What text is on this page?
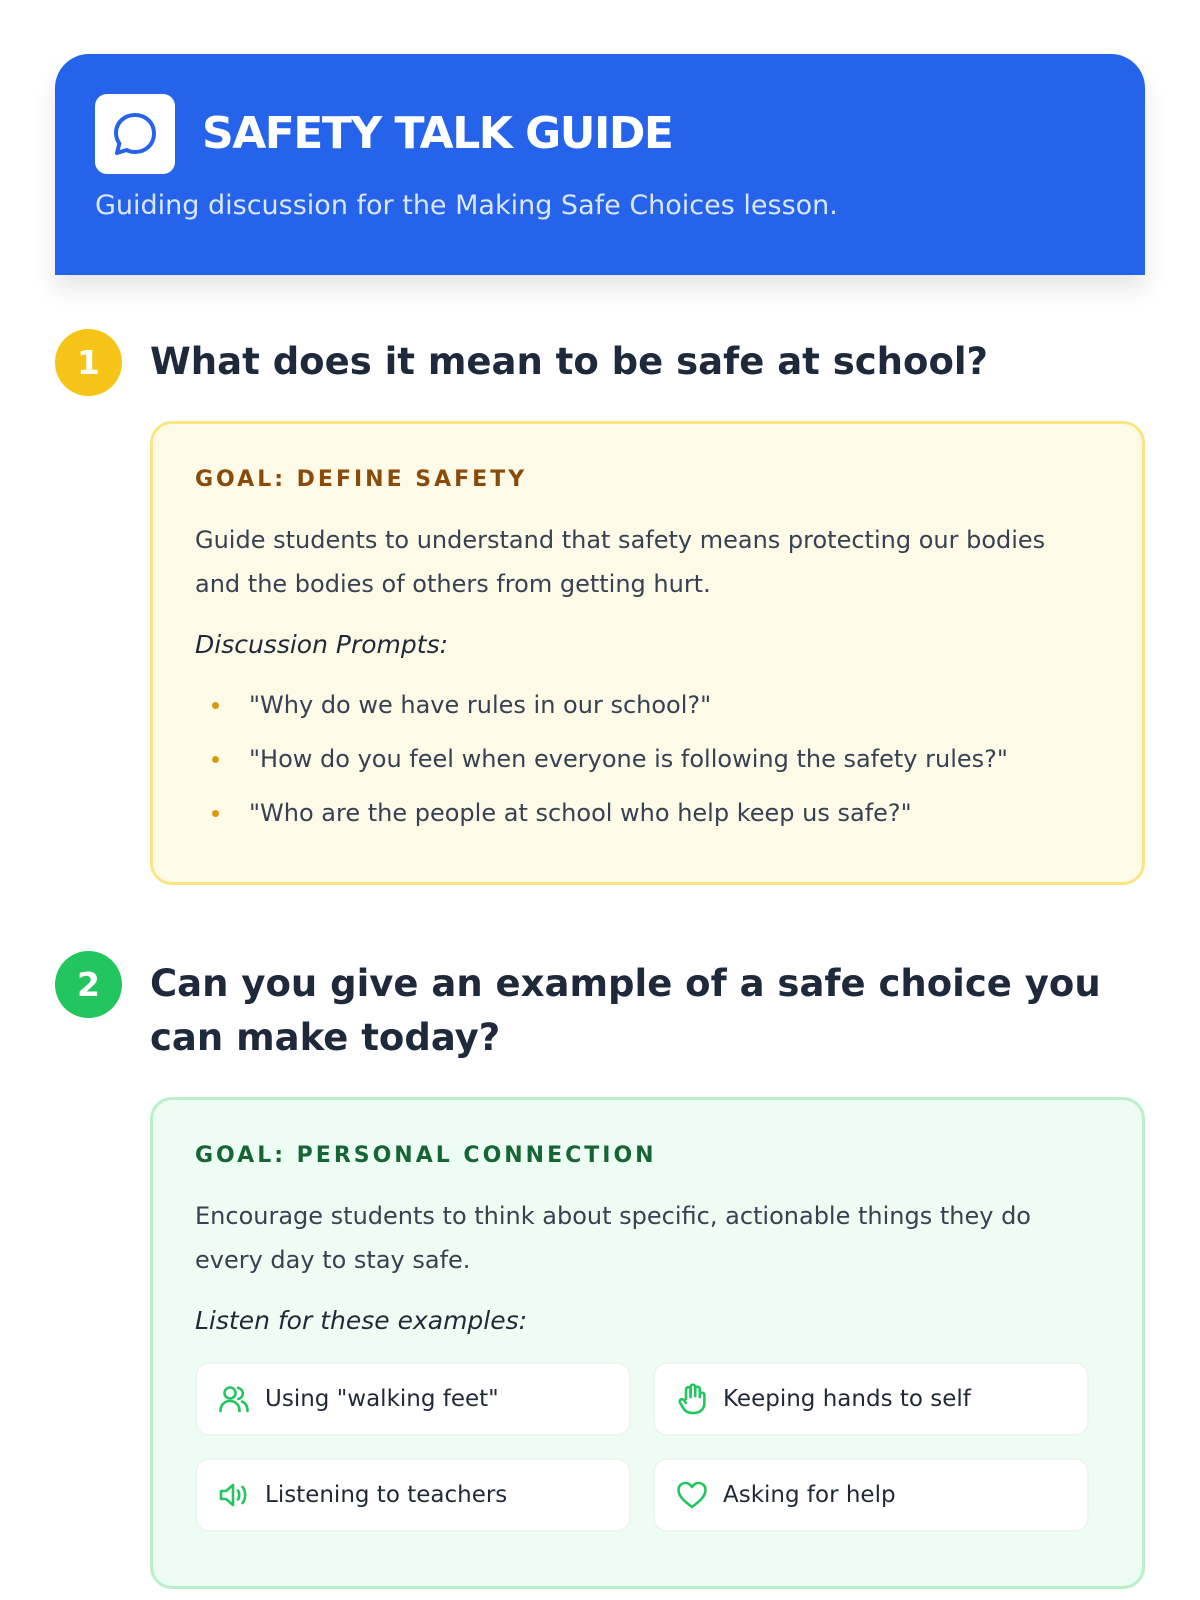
SAFETY TALK GUIDE
Guiding discussion for the Making Safe Choices lesson.
1	What does it mean to be safe at school?
GOAL: DEFINE SAFETY
Guide students to understand that safety means protecting our bodies and the bodies of others from getting hurt.
Discussion Prompts:
"Why do we have rules in our school?"
"How do you feel when everyone is following the safety rules?"
"Who are the people at school who help keep us safe?"
2	Can you give an example of a safe choice you can make today?
GOAL: PERSONAL CONNECTION
Encourage students to think about specific, actionable things they do every day to stay safe.
Listen for these examples:
Using "walking feet"	Keeping hands to self
Listening to teachers	Asking for help
